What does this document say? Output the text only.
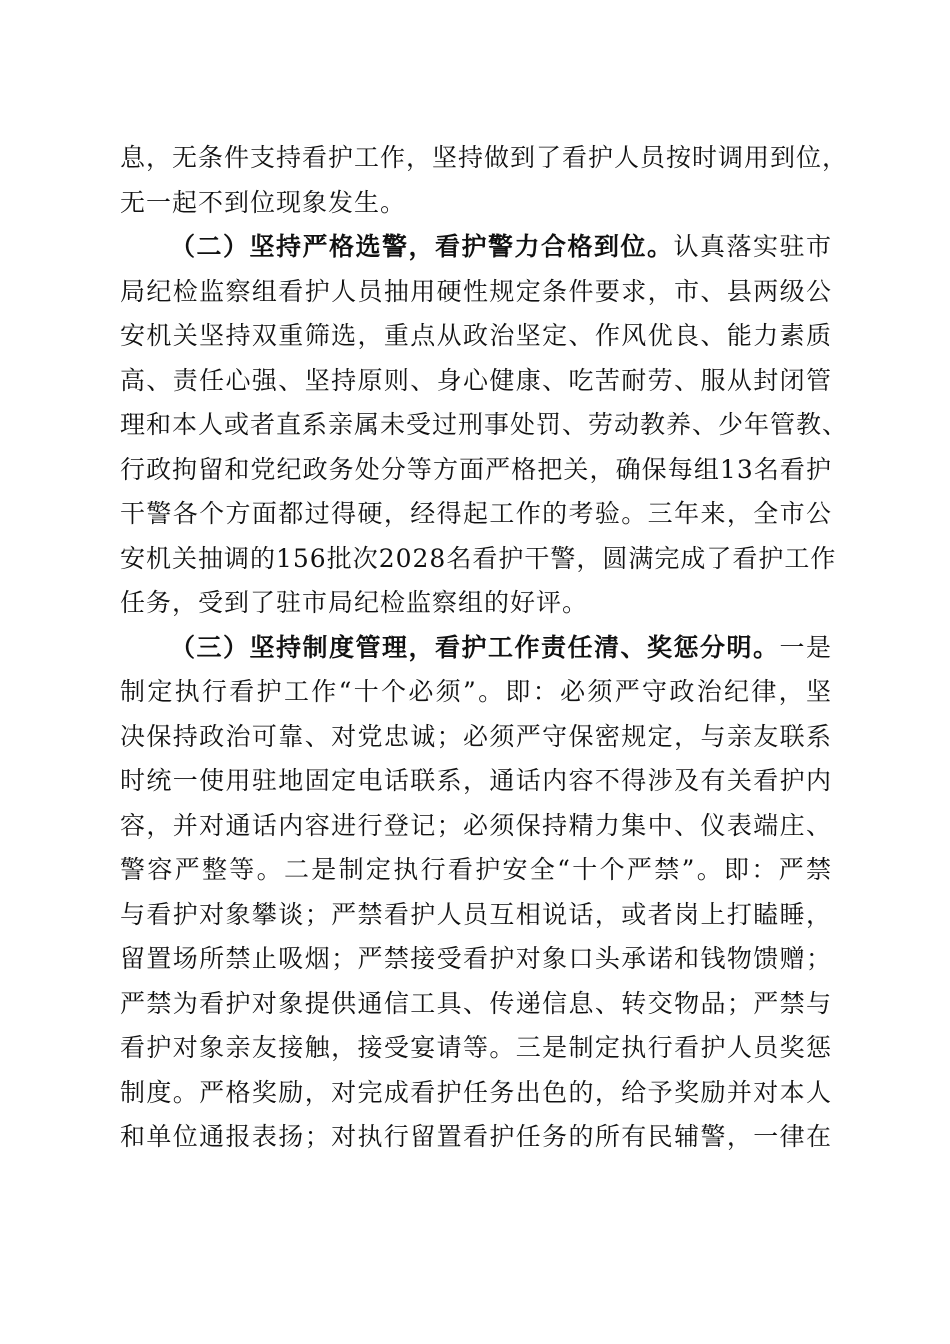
息，无条件支持看护工作，坚持做到了看护人员按时调用到位，
无一起不到位现象发生。
（二）坚持严格选警，看护警力合格到位。认真落实驻市
局纪检监察组看护人员抽用硬性规定条件要求，市、县两级公
安机关坚持双重筛选，重点从政治坚定、作风优良、能力素质
高、责任心强、坚持原则、身心健康、吃苦耐劳、服从封闭管
理和本人或者直系亲属未受过刑事处罚、劳动教养、少年管教、
行政拘留和党纪政务处分等方面严格把关，确保每组13名看护
干警各个方面都过得硬，经得起工作的考验。三年来，全市公
安机关抽调的156批次2028名看护干警，圆满完成了看护工作
任务，受到了驻市局纪检监察组的好评。
（三）坚持制度管理，看护工作责任清、奖惩分明。一是
制定执行看护工作“十个必须”。即：必须严守政治纪律，坚
决保持政治可靠、对党忠诚；必须严守保密规定，与亲友联系
时统一使用驻地固定电话联系，通话内容不得涉及有关看护内
容，并对通话内容进行登记；必须保持精力集中、仪表端庄、
警容严整等。二是制定执行看护安全“十个严禁”。即：严禁
与看护对象攀谈；严禁看护人员互相说话，或者岗上打瞌睡，
留置场所禁止吸烟；严禁接受看护对象口头承诺和钱物馈赠；
严禁为看护对象提供通信工具、传递信息、转交物品；严禁与
看护对象亲友接触，接受宴请等。三是制定执行看护人员奖惩
制度。严格奖励，对完成看护任务出色的，给予奖励并对本人
和单位通报表扬；对执行留置看护任务的所有民辅警，一律在
